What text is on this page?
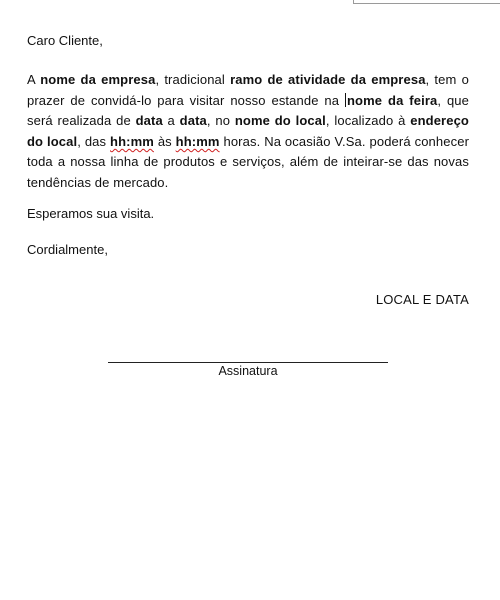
Caro Cliente,

A nome da empresa, tradicional ramo de atividade da empresa, tem o prazer de convidá-lo para visitar nosso estande na nome da feira, que será realizada de data a data, no nome do local, localizado à endereço do local, das hh:mm às hh:mm horas. Na ocasião V.Sa. poderá conhecer toda a nossa linha de produtos e serviços, além de inteirar-se das novas tendências de mercado.

Esperamos sua visita.

Cordialmente,

LOCAL E DATA
Assinatura
